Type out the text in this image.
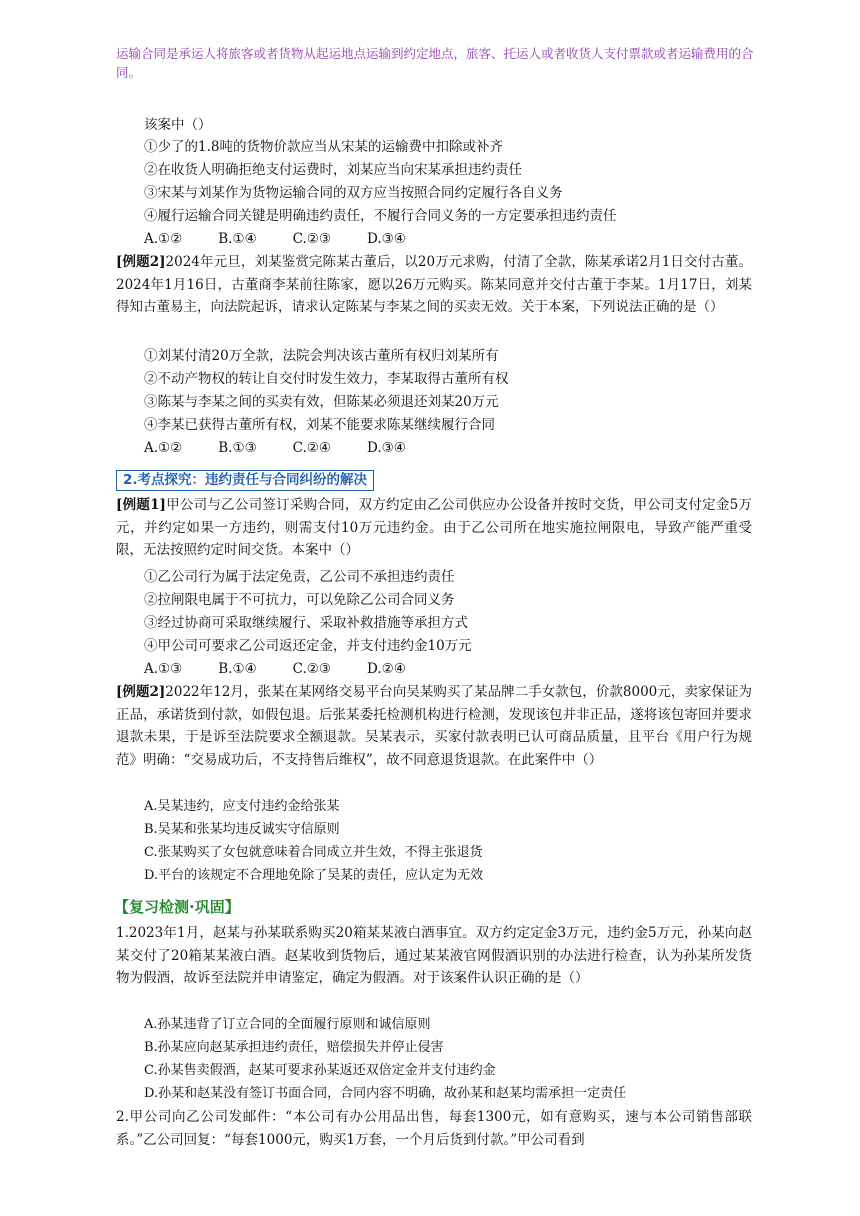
运输合同是承运人将旅客或者货物从起运地点运输到约定地点，旅客、托运人或者收货人支付票款或者运输费用的合同。
该案中（）
①少了的1.8吨的货物价款应当从宋某的运输费中扣除或补齐
②在收货人明确拒绝支付运费时，刘某应当向宋某承担违约责任
③宋某与刘某作为货物运输合同的双方应当按照合同约定履行各自义务
④履行运输合同关键是明确违约责任，不履行合同义务的一方定要承担违约责任
A.①②	B.①④	C.②③	D.③④
[例题2]2024年元旦，刘某鉴赏完陈某古董后，以20万元求购，付清了全款，陈某承诺2月1日交付古董。2024年1月16日，古董商李某前往陈家，愿以26万元购买。陈某同意并交付古董于李某。1月17日，刘某得知古董易主，向法院起诉，请求认定陈某与李某之间的买卖无效。关于本案，下列说法正确的是（）
①刘某付清20万全款，法院会判决该古董所有权归刘某所有
②不动产物权的转让自交付时发生效力，李某取得古董所有权
③陈某与李某之间的买卖有效，但陈某必须退还刘某20万元
④李某已获得古董所有权，刘某不能要求陈某继续履行合同
A.①②	B.①③	C.②④	D.③④
2.考点探究：违约责任与合同纠纷的解决
[例题1]甲公司与乙公司签订采购合同，双方约定由乙公司供应办公设备并按时交货，甲公司支付定金5万元，并约定如果一方违约，则需支付10万元违约金。由于乙公司所在地实施拉闸限电，导致产能严重受限，无法按照约定时间交货。本案中（）
①乙公司行为属于法定免责，乙公司不承担违约责任
②拉闸限电属于不可抗力，可以免除乙公司合同义务
③经过协商可采取继续履行、采取补救措施等承担方式
④甲公司可要求乙公司返还定金，并支付违约金10万元
A.①③	B.①④	C.②③	D.②④
[例题2]2022年12月，张某在某网络交易平台向吴某购买了某品牌二手女款包，价款8000元，卖家保证为正品，承诺货到付款，如假包退。后张某委托检测机构进行检测，发现该包并非正品，遂将该包寄回并要求退款未果，于是诉至法院要求全额退款。吴某表示，买家付款表明已认可商品质量，且平台《用户行为规范》明确：“交易成功后，不支持售后维权”，故不同意退货退款。在此案件中（）
A.吴某违约，应支付违约金给张某
B.吴某和张某均违反诚实守信原则
C.张某购买了女包就意味着合同成立并生效，不得主张退货
D.平台的该规定不合理地免除了吴某的责任，应认定为无效
【复习检测·巩固】
1.2023年1月，赵某与孙某联系购买20箱某某液白酒事宜。双方约定定金3万元，违约金5万元，孙某向赵某交付了20箱某某液白酒。赵某收到货物后，通过某某液官网假酒识别的办法进行检查，认为孙某所发货物为假酒，故诉至法院并申请鉴定，确定为假酒。对于该案件认识正确的是（）
A.孙某违背了订立合同的全面履行原则和诚信原则
B.孙某应向赵某承担违约责任，赔偿损失并停止侵害
C.孙某售卖假酒，赵某可要求孙某返还双倍定金并支付违约金
D.孙某和赵某没有签订书面合同，合同内容不明确，故孙某和赵某均需承担一定责任
2.甲公司向乙公司发邮件：“本公司有办公用品出售，每套1300元，如有意购买，速与本公司销售部联系。”乙公司回复：“每套1000元，购买1万套，一个月后货到付款。”甲公司看到
